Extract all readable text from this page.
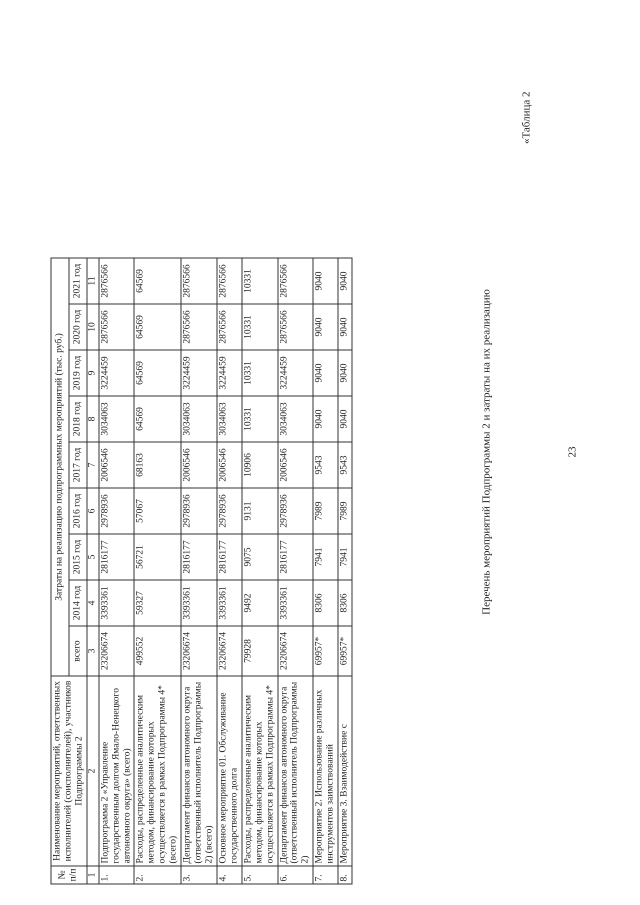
23
«Таблица 2
Перечень мероприятий Подпрограммы 2 и затраты на их реализацию
№ п/п	Наименование мероприятий, ответственных исполнителей (соисполнителей), участников Подпрограммы 2	Затраты на реализацию подпрограммных мероприятий (тыс. руб.)								
		всего	2014 год	2015 год	2016 год	2017 год	2018 год	2019 год	2020 год	2021 год
1	2	3	4	5	6	7	8	9	10	11
1.	Подпрограмма 2 «Управление государственным долгом Ямало-Ненецкого автономного округа» (всего)	23206674	3393361	2816177	2978936	2006546	3034063	3224459	2876566	2876566
2.	Расходы, распределенные аналитическим методом, финансирование которых осуществляется в рамках Подпрограммы 4* (всего)	499552	59327	56721	57067	68163	64569	64569	64569	64569
3.	Департамент финансов автономного округа (ответственный исполнитель Подпрограммы 2) (всего)	23206674	3393361	2816177	2978936	2006546	3034063	3224459	2876566	2876566
4.	Основное мероприятие 01. Обслуживание государственного долга	23206674	3393361	2816177	2978936	2006546	3034063	3224459	2876566	2876566
5.	Расходы, распределенные аналитическим методом, финансирование которых осуществляется в рамках Подпрограммы 4*	79928	9492	9075	9131	10906	10331	10331	10331	10331
6.	Департамент финансов автономного округа (ответственный исполнитель Подпрограммы 2)	23206674	3393361	2816177	2978936	2006546	3034063	3224459	2876566	2876566
7.	Мероприятие 2. Использование различных инструментов заимствований	69957*	8306	7941	7989	9543	9040	9040	9040	9040
8.	Мероприятие 3. Взаимодействие с	69957*	8306	7941	7989	9543	9040	9040	9040	9040
